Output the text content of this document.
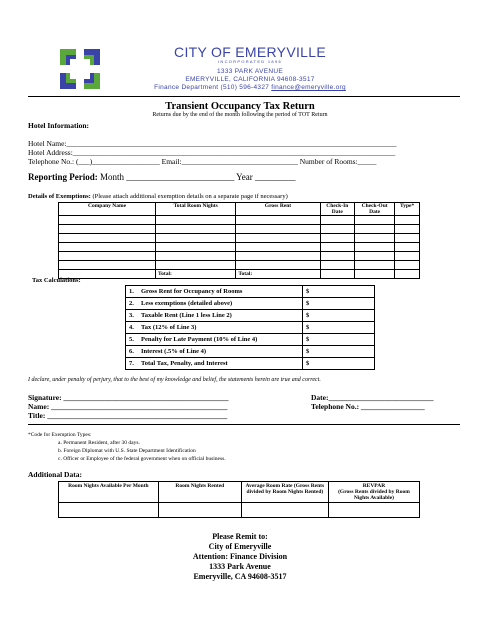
CITY OF EMERYVILLE
INCORPORATED 1896
1333 PARK AVENUE
EMERYVILLE, CALIFORNIA 94608-3517
Finance Department (510) 596-4327 finance@emeryville.org
Transient Occupancy Tax Return
Returns due by the end of the month following the period of TOT Return
Hotel Information:
Hotel Name:________________________________________________________________________________________
Hotel Address:______________________________________________________________________________________
Telephone No.: (___)__________________ Email:_______________________________ Number of Rooms:_____
Reporting Period: Month ________________________ Year _________
Details of Exemptions: (Please attach additional exemption details on a separate page if necessary)
Company Name	Total Room Nights	Gross Rent	Check-In Date	Check-Out Date	Type*

	Total:	Total:			
Tax Calculations:
1. Gross Rent for Occupancy of Rooms	$
2. Less exemptions (detailed above)	$
3. Taxable Rent (Line 1 less Line 2)	$
4. Tax (12% of Line 3)	$
5. Penalty for Late Payment (10% of Line 4)	$
6. Interest (.5% of Line 4)	$
7. Total Tax, Penalty, and Interest	$
I declare, under penalty of perjury, that to the best of my knowledge and belief, the statements herein are true and correct.
Signature: ____________________________________________	Date:____________________________
Name: _______________________________________________	Telephone No.: _________________
Title: ________________________________________________
*Code for Exemption Types:
a. Permanent Resident, after 30 days.
b. Foreign Diplomat with U.S. State Department Identification
c. Officer or Employee of the federal government when on official business.
Additional Data:
Room Nights Available Per Month	Room Nights Rented	Average Room Rate (Gross Rents divided by Room Nights Rented)	REVPAR
(Gross Rents divided by Room Nights Available)

Please Remit to:
City of Emeryville
Attention: Finance Division
1333 Park Avenue
Emeryville, CA 94608-3517
